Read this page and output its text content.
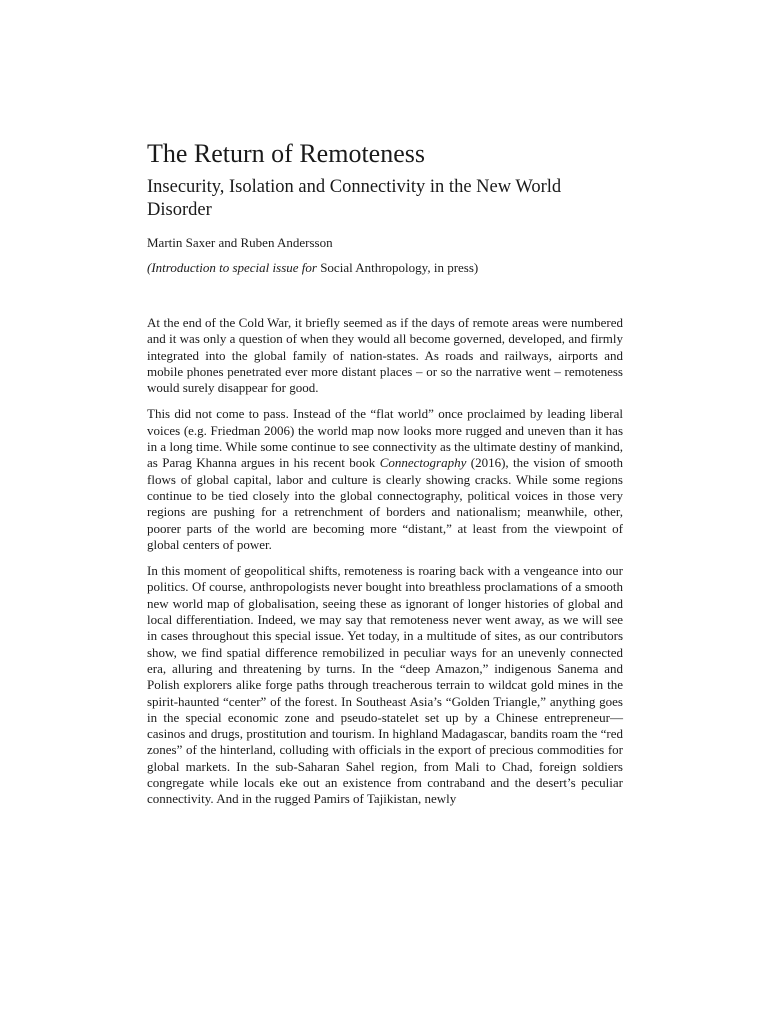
The Return of Remoteness
Insecurity, Isolation and Connectivity in the New World Disorder
Martin Saxer and Ruben Andersson
(Introduction to special issue for Social Anthropology, in press)

At the end of the Cold War, it briefly seemed as if the days of remote areas were numbered and it was only a question of when they would all become governed, developed, and firmly integrated into the global family of nation-states. As roads and railways, airports and mobile phones penetrated ever more distant places – or so the narrative went – remoteness would surely disappear for good.

This did not come to pass. Instead of the “flat world” once proclaimed by leading liberal voices (e.g. Friedman 2006) the world map now looks more rugged and uneven than it has in a long time. While some continue to see connectivity as the ultimate destiny of mankind, as Parag Khanna argues in his recent book Connectography (2016), the vision of smooth flows of global capital, labor and culture is clearly showing cracks. While some regions continue to be tied closely into the global connectography, political voices in those very regions are pushing for a retrenchment of borders and nationalism; meanwhile, other, poorer parts of the world are becoming more “distant,” at least from the viewpoint of global centers of power.

In this moment of geopolitical shifts, remoteness is roaring back with a vengeance into our politics. Of course, anthropologists never bought into breathless proclamations of a smooth new world map of globalisation, seeing these as ignorant of longer histories of global and local differentiation. Indeed, we may say that remoteness never went away, as we will see in cases throughout this special issue. Yet today, in a multitude of sites, as our contributors show, we find spatial difference remobilized in peculiar ways for an unevenly connected era, alluring and threatening by turns. In the “deep Amazon,” indigenous Sanema and Polish explorers alike forge paths through treacherous terrain to wildcat gold mines in the spirit-haunted “center” of the forest. In Southeast Asia’s “Golden Triangle,” anything goes in the special economic zone and pseudo-statelet set up by a Chinese entrepreneur—casinos and drugs, prostitution and tourism. In highland Madagascar, bandits roam the “red zones” of the hinterland, colluding with officials in the export of precious commodities for global markets. In the sub-Saharan Sahel region, from Mali to Chad, foreign soldiers congregate while locals eke out an existence from contraband and the desert’s peculiar connectivity. And in the rugged Pamirs of Tajikistan, newly
